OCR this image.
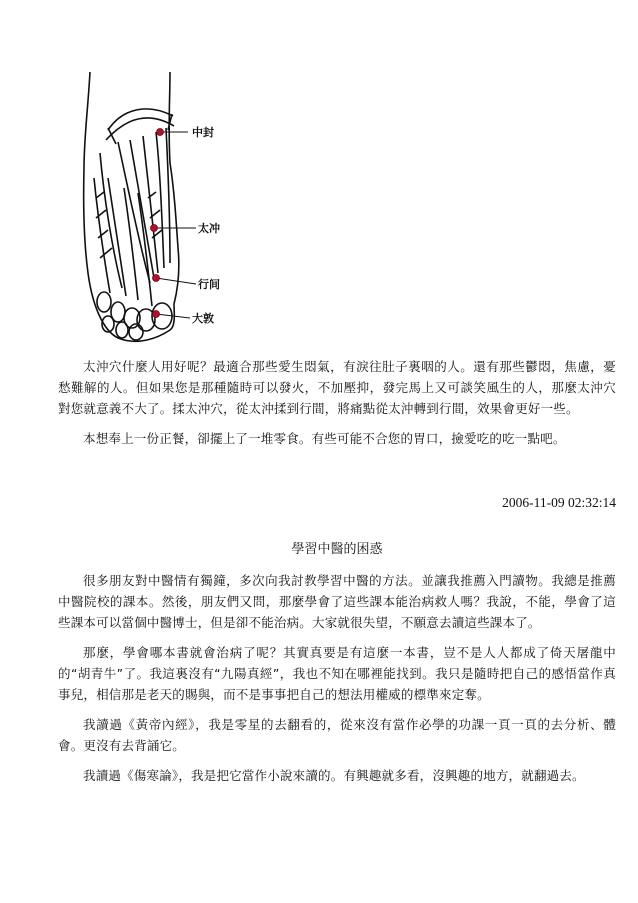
中封
太冲
行间
大敦

太沖穴什麼人用好呢？最適合那些愛生悶氣，有淚往肚子裏咽的人。還有那些鬱悶，焦慮，憂愁難解的人。但如果您是那種隨時可以發火，不加壓抑，發完馬上又可談笑風生的人，那麼太沖穴對您就意義不大了。揉太沖穴，從太沖揉到行間，將痛點從太沖轉到行間，效果會更好一些。

本想奉上一份正餐，卻擺上了一堆零食。有些可能不合您的胃口，撿愛吃的吃一點吧。

2006-11-09 02:32:14
學習中醫的困惑

很多朋友對中醫情有獨鐘，多次向我討教學習中醫的方法。並讓我推薦入門讀物。我總是推薦中醫院校的課本。然後，朋友們又問，那麼學會了這些課本能治病救人嗎？我說，不能，學會了這些課本可以當個中醫博士，但是卻不能治病。大家就很失望，不願意去讀這些課本了。

那麼，學會哪本書就會治病了呢？其實真要是有這麼一本書，豈不是人人都成了倚天屠龍中的“胡青牛”了。我這裏沒有“九陽真經”，我也不知在哪裡能找到。我只是隨時把自己的感悟當作真事兒，相信那是老天的賜與，而不是事事把自己的想法用權威的標準來定奪。

我讀過《黃帝內經》，我是零星的去翻看的，從來沒有當作必學的功課一頁一頁的去分析、體會。更沒有去背誦它。

我讀過《傷寒論》，我是把它當作小說來讀的。有興趣就多看，沒興趣的地方，就翻過去。
